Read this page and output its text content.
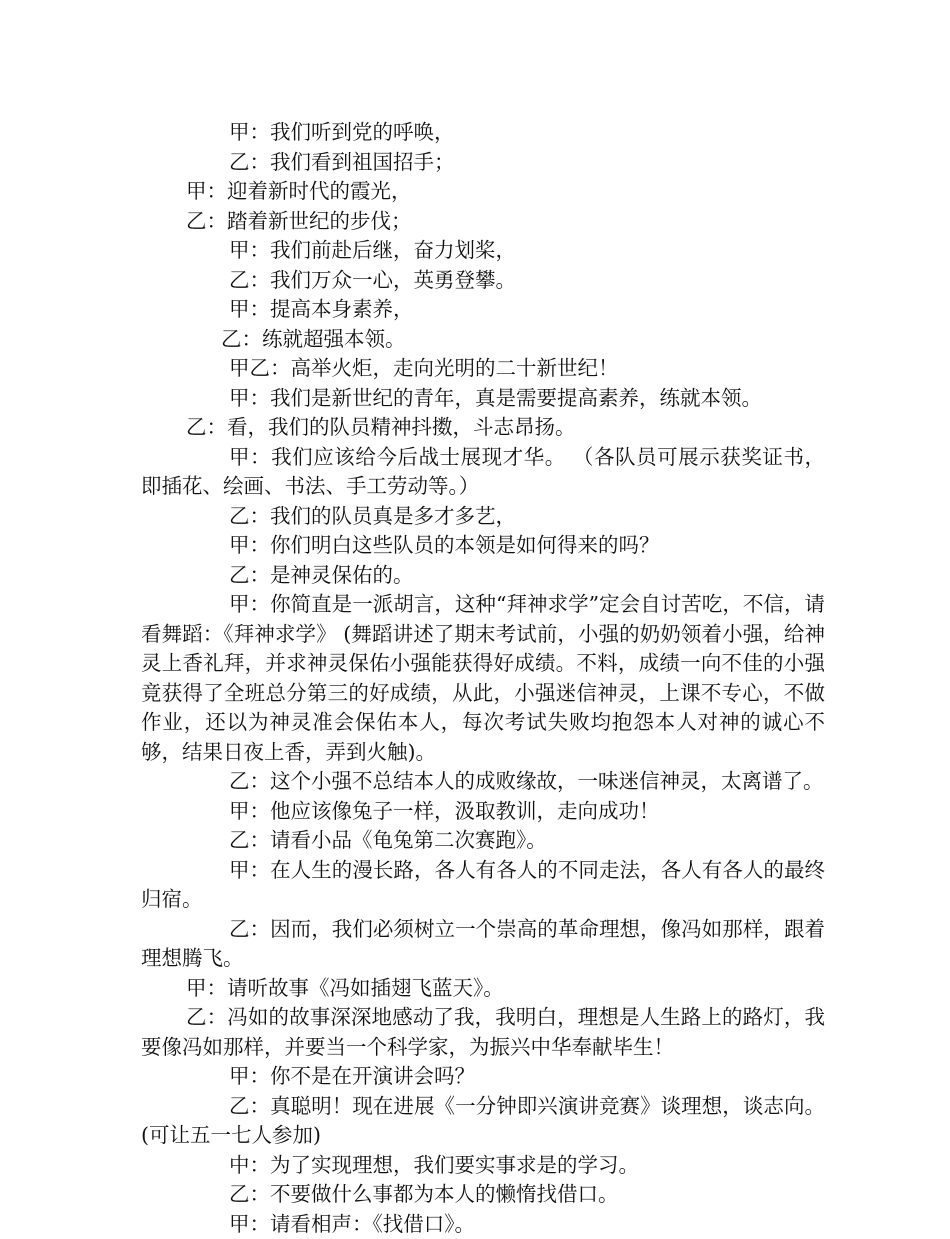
甲：我们听到党的呼唤，

乙：我们看到祖国招手；

甲：迎着新时代的霞光，

乙：踏着新世纪的步伐；

甲：我们前赴后继，奋力划桨，

乙：我们万众一心，英勇登攀。

甲：提高本身素养，

乙：练就超强本领。

甲乙：高举火炬，走向光明的二十新世纪！

甲：我们是新世纪的青年，真是需要提高素养，练就本领。

乙：看，我们的队员精神抖擞，斗志昂扬。

甲：我们应该给今后战士展现才华。 （各队员可展示获奖证书，即插花、绘画、书法、手工劳动等。）

乙：我们的队员真是多才多艺，

甲：你们明白这些队员的本领是如何得来的吗？

乙：是神灵保佑的。

甲：你简直是一派胡言，这种“拜神求学”定会自讨苦吃，不信，请看舞蹈：《拜神求学》 (舞蹈讲述了期末考试前，小强的奶奶领着小强，给神灵上香礼拜，并求神灵保佑小强能获得好成绩。不料，成绩一向不佳的小强竟获得了全班总分第三的好成绩，从此，小强迷信神灵，上课不专心，不做作业，还以为神灵准会保佑本人，每次考试失败均抱怨本人对神的诚心不够，结果日夜上香，弄到火触)。

乙：这个小强不总结本人的成败缘故，一味迷信神灵，太离谱了。

甲：他应该像兔子一样，汲取教训，走向成功！

乙：请看小品《龟兔第二次赛跑》。

甲：在人生的漫长路，各人有各人的不同走法，各人有各人的最终归宿。

乙：因而，我们必须树立一个崇高的革命理想，像冯如那样，跟着理想腾飞。

甲：请听故事《冯如插翅飞蓝天》。

乙：冯如的故事深深地感动了我，我明白，理想是人生路上的路灯，我要像冯如那样，并要当一个科学家，为振兴中华奉献毕生！

甲：你不是在开演讲会吗？

乙：真聪明！现在进展《一分钟即兴演讲竞赛》谈理想，谈志向。(可让五一七人参加)

中：为了实现理想，我们要实事求是的学习。

乙：不要做什么事都为本人的懒惰找借口。

甲：请看相声：《找借口》。
